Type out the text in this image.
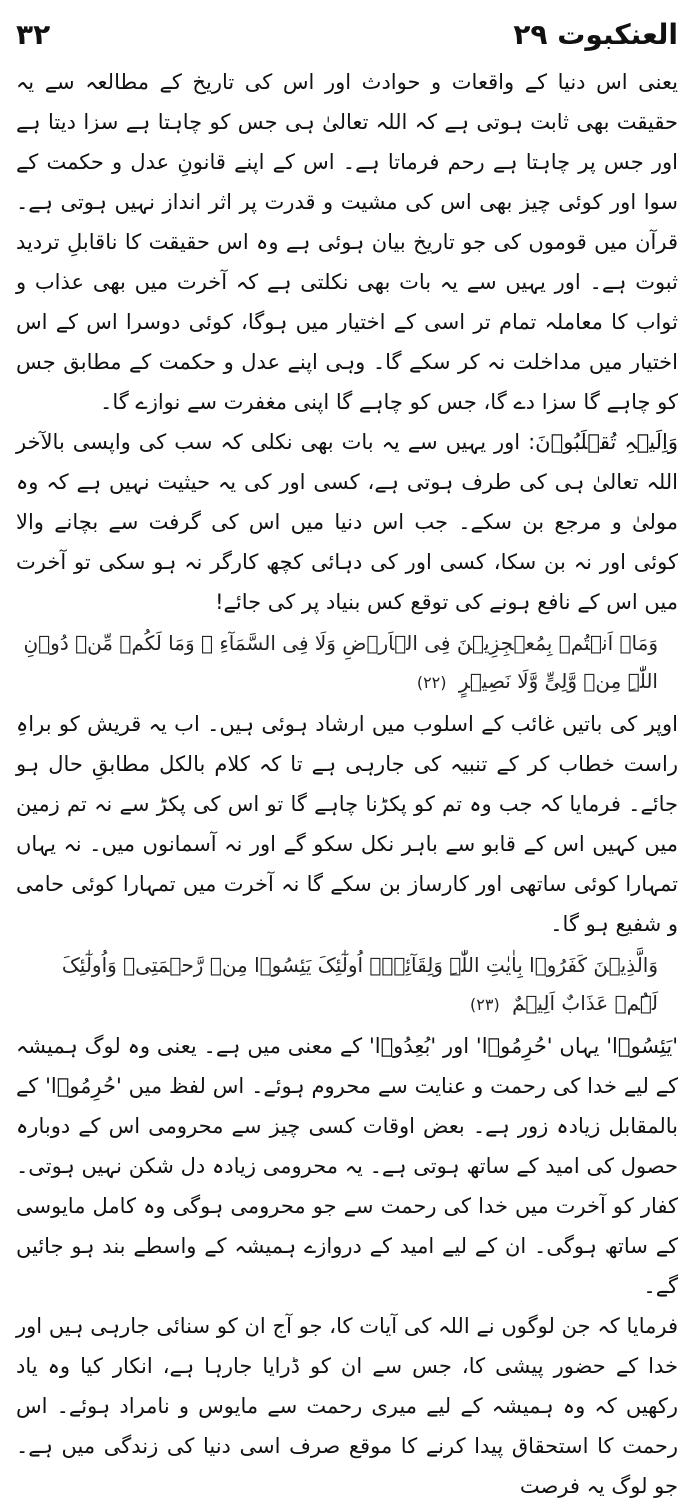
العنکبوت ۲۹
۳۲

یعنی اس دنیا کے واقعات و حوادث اور اس کی تاریخ کے مطالعہ سے یہ حقیقت بھی ثابت ہوتی ہے کہ اللہ تعالیٰ ہی جس کو چاہتا ہے سزا دیتا ہے اور جس پر چاہتا ہے رحم فرماتا ہے۔ اس کے اپنے قانونِ عدل و حکمت کے سوا اور کوئی چیز بھی اس کی مشیت و قدرت پر اثر انداز نہیں ہوتی ہے۔ قرآن میں قوموں کی جو تاریخ بیان ہوئی ہے وہ اس حقیقت کا ناقابلِ تردید ثبوت ہے۔ اور یہیں سے یہ بات بھی نکلتی ہے کہ آخرت میں بھی عذاب و ثواب کا معاملہ تمام تر اسی کے اختیار میں ہوگا، کوئی دوسرا اس کے اس اختیار میں مداخلت نہ کر سکے گا۔ وہی اپنے عدل و حکمت کے مطابق جس کو چاہے گا سزا دے گا، جس کو چاہے گا اپنی مغفرت سے نوازے گا۔

وَاِلَیۡہِ تُقۡلَبُوۡنَ: اور یہیں سے یہ بات بھی نکلی کہ سب کی واپسی بالآخر اللہ تعالیٰ ہی کی طرف ہوتی ہے، کسی اور کی یہ حیثیت نہیں ہے کہ وہ مولیٰ و مرجع بن سکے۔ جب اس دنیا میں اس کی گرفت سے بچانے والا کوئی اور نہ بن سکا، کسی اور کی دہائی کچھ کارگر نہ ہو سکی تو آخرت میں اس کے نافع ہونے کی توقع کس بنیاد پر کی جائے!

وَمَاۤ اَنۡتُمۡ بِمُعۡجِزِیۡنَ فِی الۡاَرۡضِ وَلَا فِی السَّمَآءِ ۫ وَمَا لَکُمۡ مِّنۡ دُوۡنِ اللّٰہِ مِنۡ وَّلِیٍّ وَّلَا نَصِیۡرٍ (۲۲)

اوپر کی باتیں غائب کے اسلوب میں ارشاد ہوئی ہیں۔ اب یہ قریش کو براہِ راست خطاب کر کے تنبیہ کی جارہی ہے تا کہ کلام بالکل مطابقِ حال ہو جائے۔ فرمایا کہ جب وہ تم کو پکڑنا چاہے گا تو اس کی پکڑ سے نہ تم زمین میں کہیں اس کے قابو سے باہر نکل سکو گے اور نہ آسمانوں میں۔ نہ یہاں تمہارا کوئی ساتھی اور کارساز بن سکے گا نہ آخرت میں تمہارا کوئی حامی و شفیع ہو گا۔

وَالَّذِیۡنَ کَفَرُوۡا بِاٰیٰتِ اللّٰہِ وَلِقَآئِہٖۤ اُولٰٓئِکَ یَئِسُوۡا مِنۡ رَّحۡمَتِیۡ وَاُولٰٓئِکَ لَہُمۡ عَذَابٌ اَلِیۡمٌ (۲۳)

'یَئِسُوۡا' یہاں 'حُرِمُوۡا' اور 'بُعِدُوۡا' کے معنی میں ہے۔ یعنی وہ لوگ ہمیشہ کے لیے خدا کی رحمت و عنایت سے محروم ہوئے۔ اس لفظ میں 'حُرِمُوۡا' کے بالمقابل زیادہ زور ہے۔ بعض اوقات کسی چیز سے محرومی اس کے دوبارہ حصول کی امید کے ساتھ ہوتی ہے۔ یہ محرومی زیادہ دل شکن نہیں ہوتی۔ کفار کو آخرت میں خدا کی رحمت سے جو محرومی ہوگی وہ کامل مایوسی کے ساتھ ہوگی۔ ان کے لیے امید کے دروازے ہمیشہ کے واسطے بند ہو جائیں گے۔

فرمایا کہ جن لوگوں نے اللہ کی آیات کا، جو آج ان کو سنائی جارہی ہیں اور خدا کے حضور پیشی کا، جس سے ان کو ڈرایا جارہا ہے، انکار کیا وہ یاد رکھیں کہ وہ ہمیشہ کے لیے میری رحمت سے مایوس و نامراد ہوئے۔ اس رحمت کا استحقاق پیدا کرنے کا موقع صرف اسی دنیا کی زندگی میں ہے۔ جو لوگ یہ فرصت
